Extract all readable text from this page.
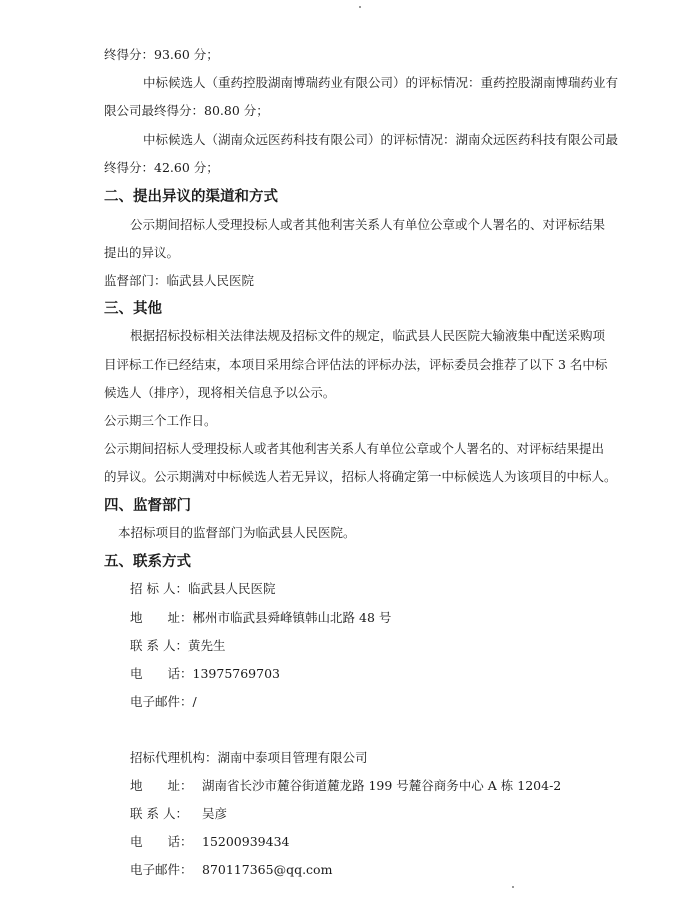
终得分：93.60 分；
中标候选人（重药控股湖南博瑞药业有限公司）的评标情况：重药控股湖南博瑞药业有
限公司最终得分：80.80 分；
中标候选人（湖南众远医药科技有限公司）的评标情况：湖南众远医药科技有限公司最
终得分：42.60 分；
二、提出异议的渠道和方式
公示期间招标人受理投标人或者其他利害关系人有单位公章或个人署名的、对评标结果
提出的异议。
监督部门：临武县人民医院
三、其他
根据招标投标相关法律法规及招标文件的规定，临武县人民医院大输液集中配送采购项
目评标工作已经结束，本项目采用综合评估法的评标办法，评标委员会推荐了以下 3 名中标
候选人（排序），现将相关信息予以公示。
公示期三个工作日。
公示期间招标人受理投标人或者其他利害关系人有单位公章或个人署名的、对评标结果提出
的异议。公示期满对中标候选人若无异议，招标人将确定第一中标候选人为该项目的中标人。
四、监督部门
本招标项目的监督部门为临武县人民医院。
五、联系方式
招 标 人：临武县人民医院
地　　址：郴州市临武县舜峰镇韩山北路 48 号
联 系 人：黄先生
电　　话：13975769703
电子邮件：/
招标代理机构：湖南中泰项目管理有限公司
地　　址： 湖南省长沙市麓谷街道麓龙路 199 号麓谷商务中心 A 栋 1204-2
联 系 人： 吴彦
电　　话： 15200939434
电子邮件： 870117365@qq.com
